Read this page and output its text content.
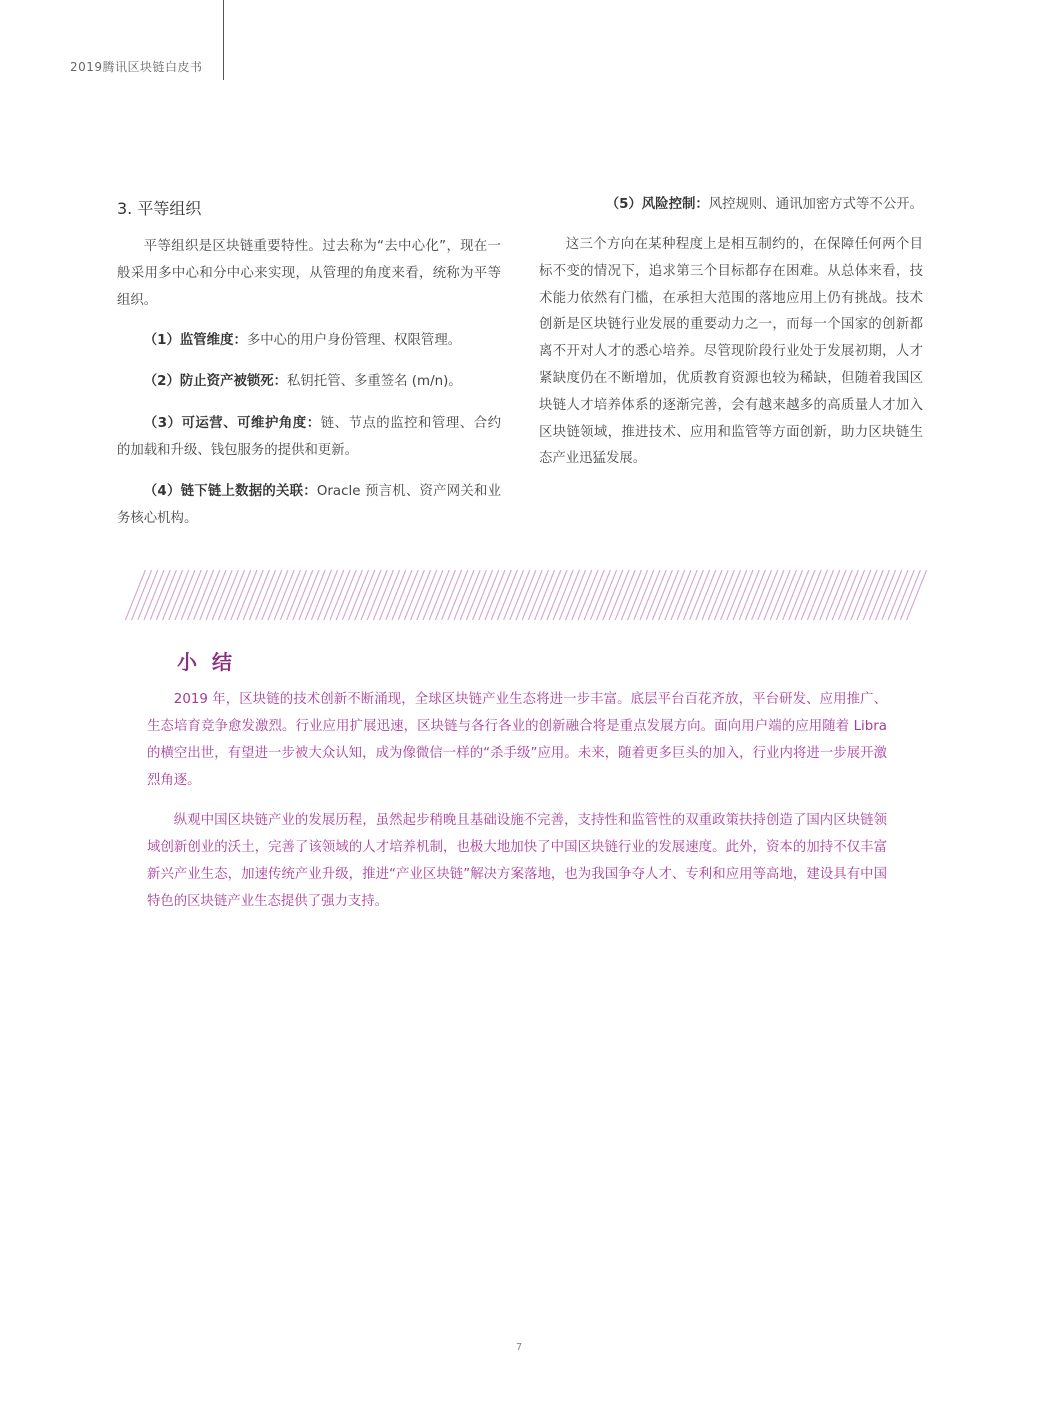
2019腾讯区块链白皮书
3. 平等组织

平等组织是区块链重要特性。过去称为“去中心化”，现在一般采用多中心和分中心来实现，从管理的角度来看，统称为平等组织。

（1）监管维度：多中心的用户身份管理、权限管理。

（2）防止资产被锁死：私钥托管、多重签名 (m/n)。

（3）可运营、可维护角度：链、节点的监控和管理、合约的加载和升级、钱包服务的提供和更新。

（4）链下链上数据的关联：Oracle 预言机、资产网关和业务核心机构。

（5）风险控制：风控规则、通讯加密方式等不公开。

这三个方向在某种程度上是相互制约的，在保障任何两个目标不变的情况下，追求第三个目标都存在困难。从总体来看，技术能力依然有门槛，在承担大范围的落地应用上仍有挑战。技术创新是区块链行业发展的重要动力之一，而每一个国家的创新都离不开对人才的悉心培养。尽管现阶段行业处于发展初期，人才紧缺度仍在不断增加，优质教育资源也较为稀缺，但随着我国区块链人才培养体系的逐渐完善，会有越来越多的高质量人才加入区块链领域，推进技术、应用和监管等方面创新，助力区块链生态产业迅猛发展。

小 结

2019 年，区块链的技术创新不断涌现，全球区块链产业生态将进一步丰富。底层平台百花齐放，平台研发、应用推广、生态培育竞争愈发激烈。行业应用扩展迅速，区块链与各行各业的创新融合将是重点发展方向。面向用户端的应用随着 Libra 的横空出世，有望进一步被大众认知，成为像微信一样的“杀手级”应用。未来，随着更多巨头的加入，行业内将进一步展开激烈角逐。

纵观中国区块链产业的发展历程，虽然起步稍晚且基础设施不完善，支持性和监管性的双重政策扶持创造了国内区块链领域创新创业的沃土，完善了该领域的人才培养机制，也极大地加快了中国区块链行业的发展速度。此外，资本的加持不仅丰富新兴产业生态，加速传统产业升级，推进“产业区块链”解决方案落地，也为我国争夺人才、专利和应用等高地，建设具有中国特色的区块链产业生态提供了强力支持。

7
